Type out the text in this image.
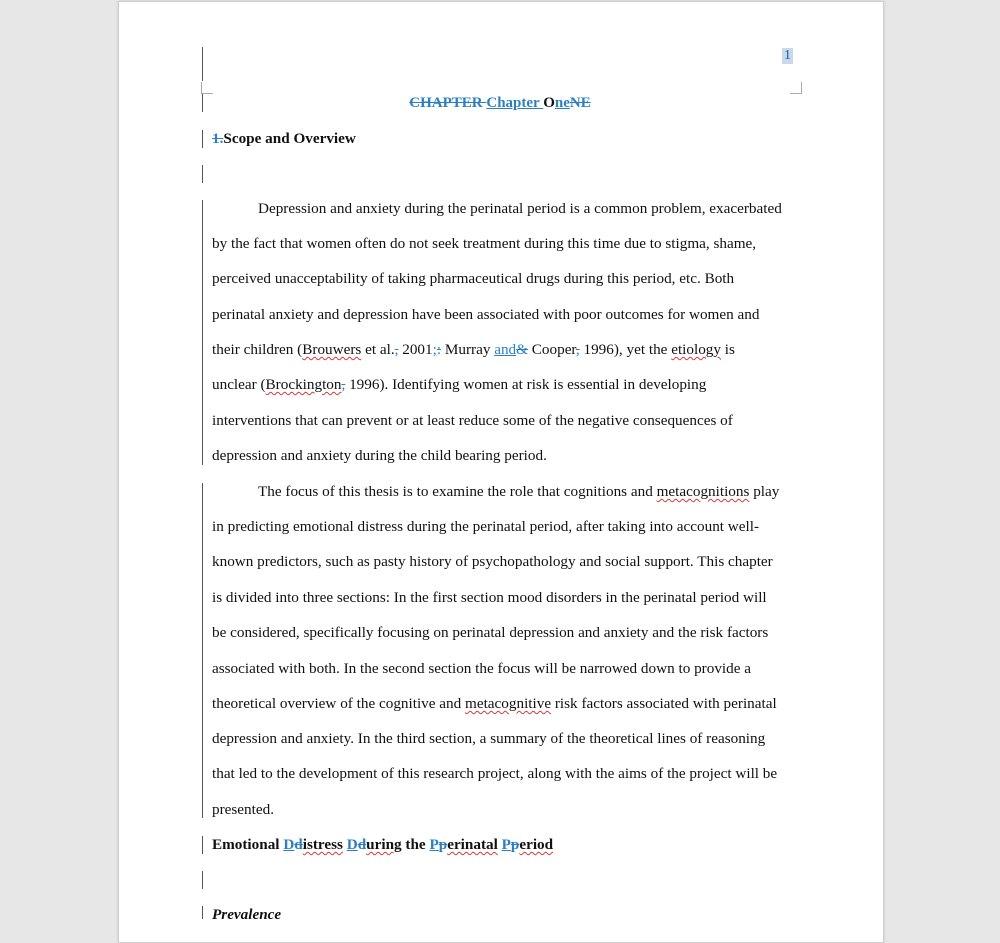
1
CHAPTER Chapter OneNE
1.Scope and Overview
Depression and anxiety during the perinatal period is a common problem, exacerbated
by the fact that women often do not seek treatment during this time due to stigma, shame,
perceived unacceptability of taking pharmaceutical drugs during this period, etc. Both
perinatal anxiety and depression have been associated with poor outcomes for women and
their children (Brouwers et al., 2001;: Murray and& Cooper, 1996), yet the etiology is
unclear (Brockington, 1996). Identifying women at risk is essential in developing
interventions that can prevent or at least reduce some of the negative consequences of
depression and anxiety during the child bearing period.
The focus of this thesis is to examine the role that cognitions and metacognitions play
in predicting emotional distress during the perinatal period, after taking into account well-
known predictors, such as pasty history of psychopathology and social support. This chapter
is divided into three sections: In the first section mood disorders in the perinatal period will
be considered, specifically focusing on perinatal depression and anxiety and the risk factors
associated with both. In the second section the focus will be narrowed down to provide a
theoretical overview of the cognitive and metacognitive risk factors associated with perinatal
depression and anxiety. In the third section, a summary of the theoretical lines of reasoning
that led to the development of this research project, along with the aims of the project will be
presented.
Emotional Ddistress Dduring the Pperinatal Pperiod
Prevalence
